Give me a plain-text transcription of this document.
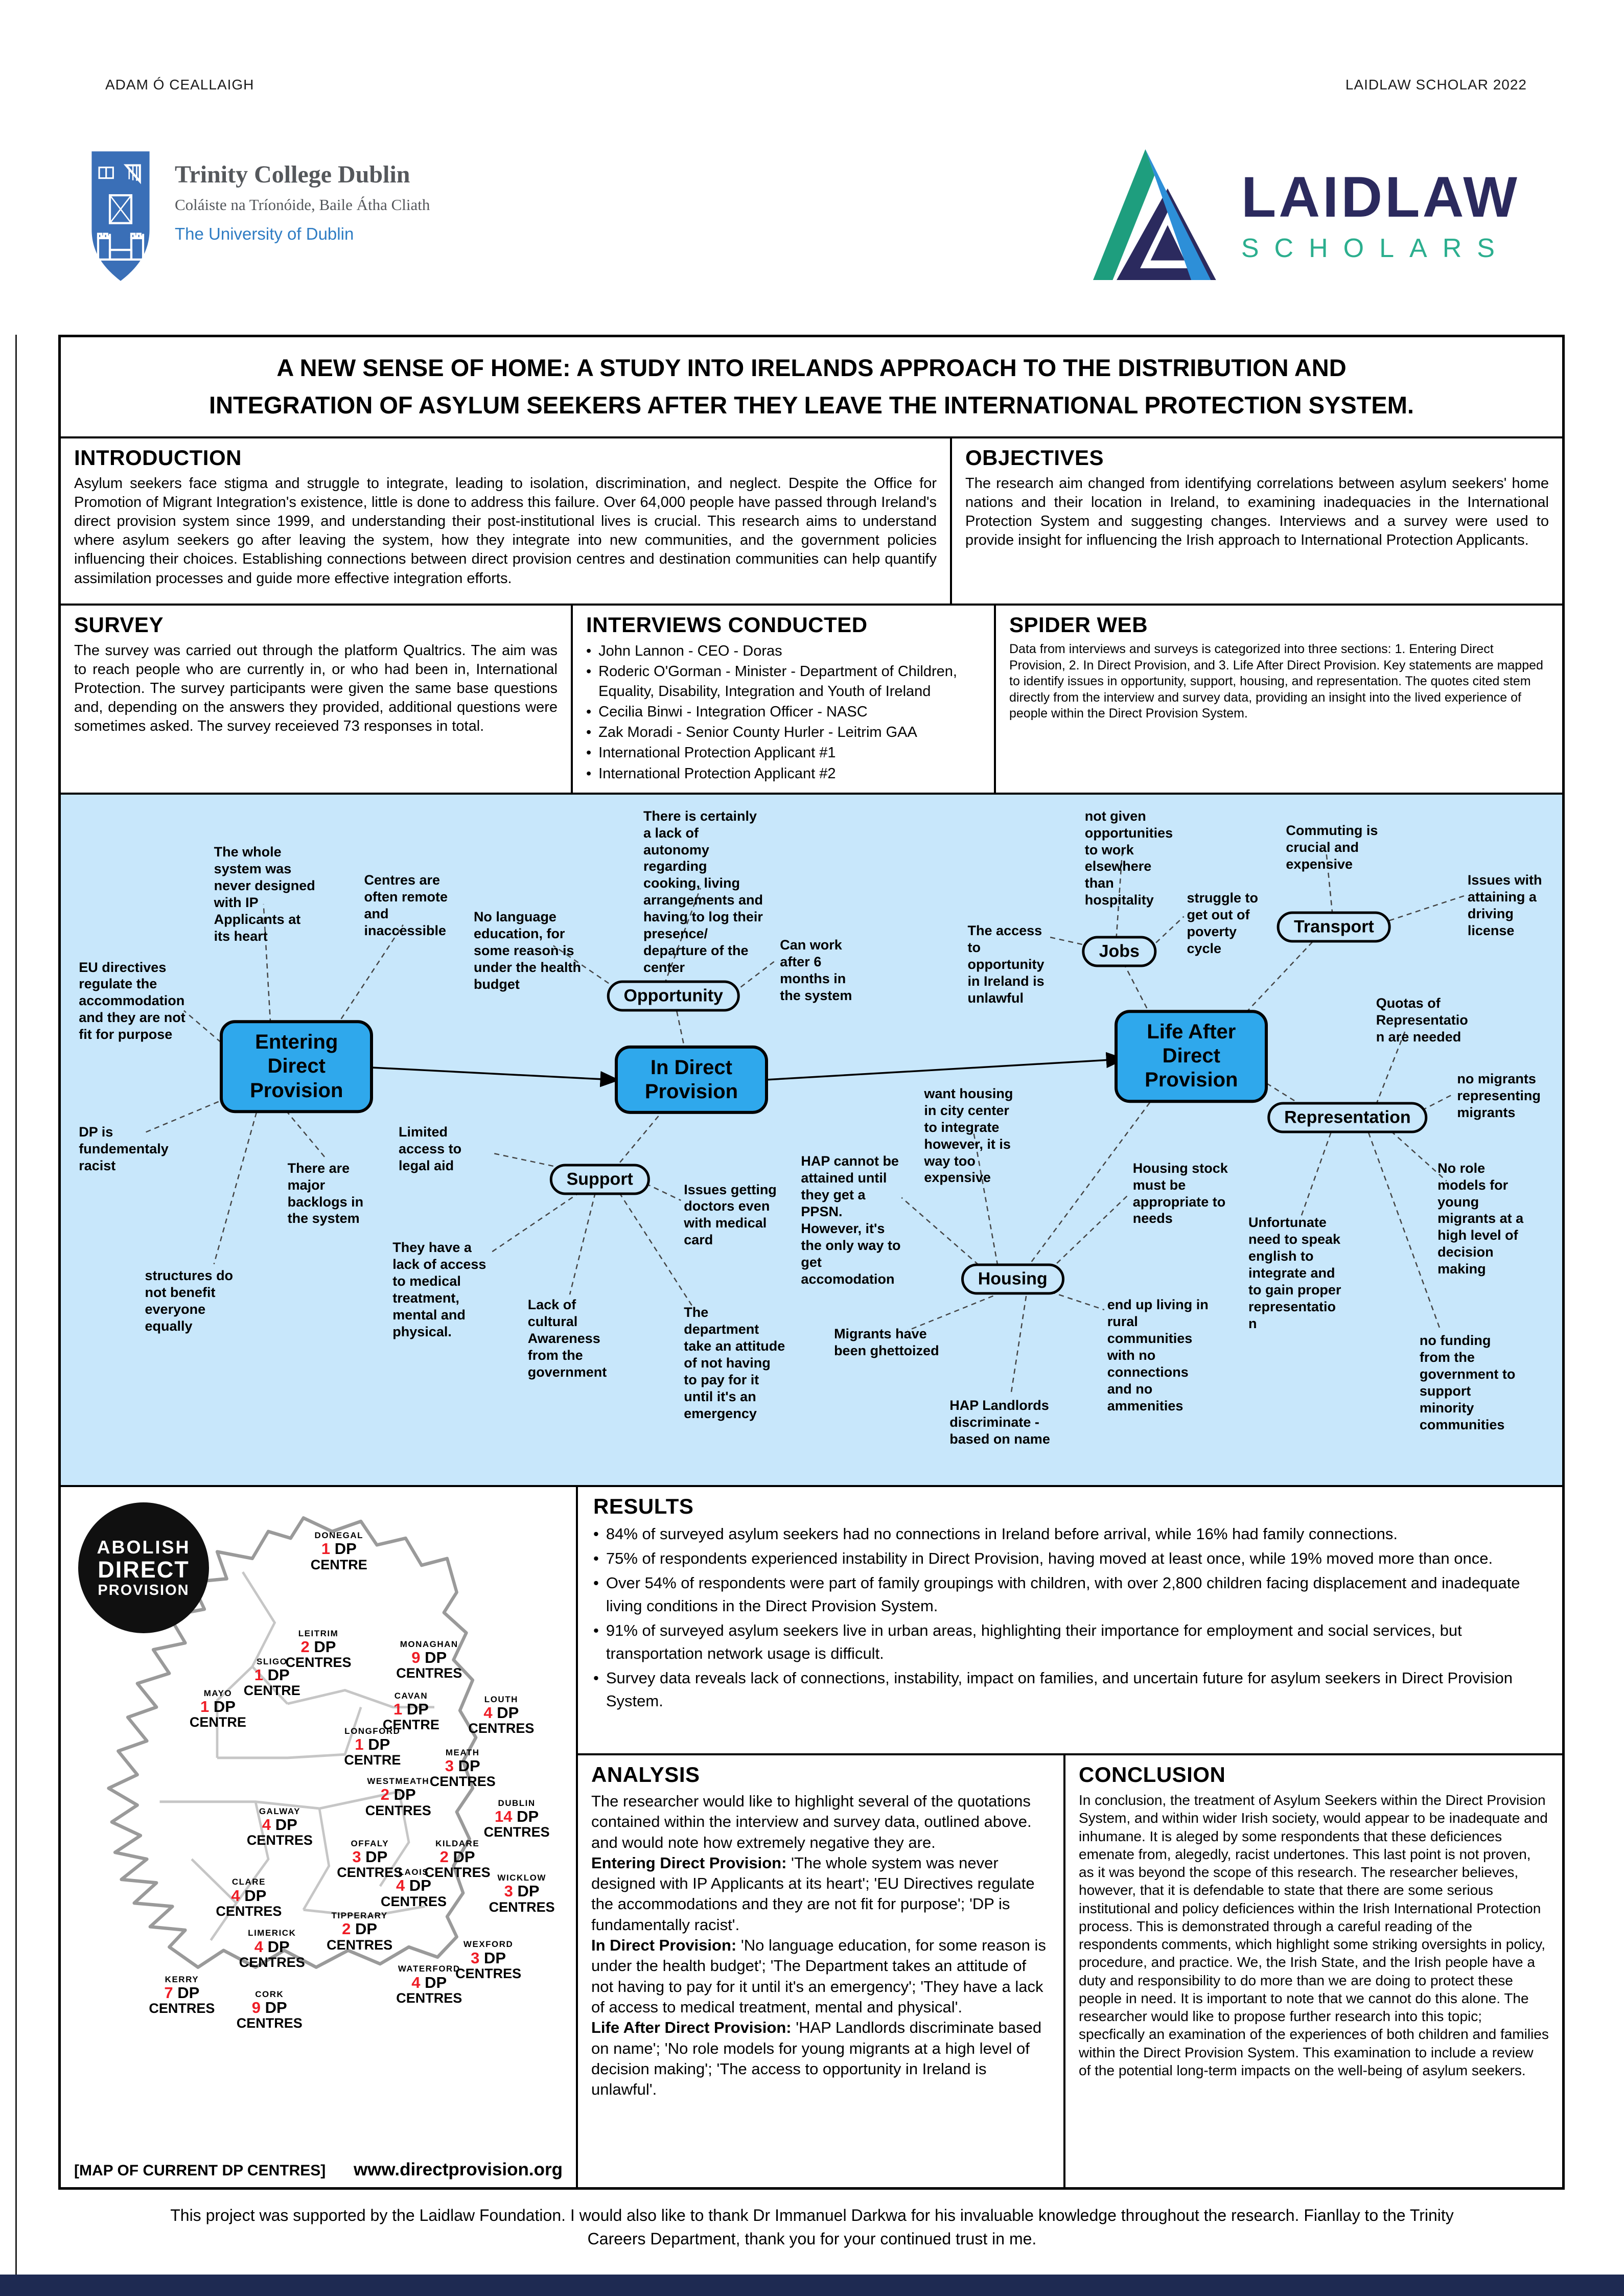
ADAM Ó CEALLAIGH	LAIDLAW SCHOLAR 2022
Trinity College Dublin
Coláiste na Tríonóide, Baile Átha Cliath
The University of Dublin
LAIDLAW
SCHOLARS
A NEW SENSE OF HOME: A STUDY INTO IRELANDS APPROACH TO THE DISTRIBUTION AND
INTEGRATION OF ASYLUM SEEKERS AFTER THEY LEAVE THE INTERNATIONAL PROTECTION SYSTEM.
INTRODUCTION
Asylum seekers face stigma and struggle to integrate, leading to isolation, discrimination, and neglect. Despite the Office for Promotion of Migrant Integration's existence, little is done to address this failure. Over 64,000 people have passed through Ireland's direct provision system since 1999, and understanding their post-institutional lives is crucial. This research aims to understand where asylum seekers go after leaving the system, how they integrate into new communities, and the government policies influencing their choices. Establishing connections between direct provision centres and destination communities can help quantify assimilation processes and guide more effective integration efforts.
OBJECTIVES
The research aim changed from identifying correlations between asylum seekers' home nations and their location in Ireland, to examining inadequacies in the International Protection System and suggesting changes. Interviews and a survey were used to provide insight for influencing the Irish approach to International Protection Applicants.
SURVEY
The survey was carried out through the platform Qualtrics. The aim was to reach people who are currently in, or who had been in, International Protection. The survey participants were given the same base questions and, depending on the answers they provided, additional questions were sometimes asked. The survey receieved 73 responses in total.
INTERVIEWS CONDUCTED
• John Lannon - CEO - Doras
• Roderic O'Gorman - Minister - Department of Children, Equality, Disability, Integration and Youth of Ireland
• Cecilia Binwi - Integration Officer - NASC
• Zak Moradi - Senior County Hurler - Leitrim GAA
• International Protection Applicant #1
• International Protection Applicant #2
SPIDER WEB
Data from interviews and surveys is categorized into three sections: 1. Entering Direct Provision, 2. In Direct Provision, and 3. Life After Direct Provision. Key statements are mapped to identify issues in opportunity, support, housing, and representation. The quotes cited stem directly from the interview and survey data, providing an insight into the lived experience of people within the Direct Provision System.
Entering Direct Provision
In Direct Provision
Life After Direct Provision
Opportunity
Support
Jobs
Transport
Housing
Representation
The whole system was never designed with IP Applicants at its heart
Centres are often remote and inaccessible
No language education, for some reason is under the health budget
EU directives regulate the accommodation and they are not fit for purpose
DP is fundementaly racist	There are major backlogs in the system
structures do not benefit everyone equally
There is certainly a lack of autonomy regarding cooking, living arrangements and having to log their presence/ departure of the center
Can work after 6 months in the system
The access to opportunity in Ireland is unlawful
Limited access to legal aid
Issues getting doctors even with medical card
They have a lack of access to medical treatment, mental and physical.
Lack of cultural Awareness from the government
The department take an attitude of not having to pay for it until it's an emergency
want housing in city center to integrate however, it is way too expensive
HAP cannot be attained until they get a PPSN. However, it's the only way to get accomodation
Migrants have been ghettoized
HAP Landlords discriminate - based on name
Housing stock must be appropriate to needs
end up living in rural communities with no connections and no ammenities
not given opportunities to work elsewhere than hospitality	struggle to get out of poverty cycle
Commuting is crucial and expensive
Issues with attaining a driving license
Quotas of Representation are needed
no migrants representing migrants
No role models for young migrants at a high level of decision making
Unfortunate need to speak english to integrate and to gain proper representation
no funding from the government to support minority communities
ABOLISH
DIRECT
PROVISION
DONEGAL
1 DP
CENTRE
LEITRIM
2 DP
CENTRES
MONAGHAN
9 DP
CENTRES
SLIGO
1 DP
CENTRE
MAYO
1 DP
CENTRE
CAVAN
1 DP
CENTRE
LOUTH
4 DP
CENTRES
LONGFORD
1 DP
CENTRE	MEATH
3 DP
CENTRES
WESTMEATH
2 DP
CENTRES	DUBLIN
14 DP
CENTRES
GALWAY
4 DP
CENTRES	OFFALY
3 DP
CENTRES
KILDARE
2 DP
CENTRES
LAOIS
4 DP
CENTRES
WICKLOW
3 DP
CENTRES
CLARE
4 DP
CENTRES	TIPPERARY
2 DP
CENTRES
LIMERICK
4 DP
CENTRES
WEXFORD
3 DP
CENTRES
WATERFORD
4 DP
CENTRES
KERRY
7 DP
CENTRES
CORK
9 DP
CENTRES
[MAP OF CURRENT DP CENTRES] www.directprovision.org
RESULTS
• 84% of surveyed asylum seekers had no connections in Ireland before arrival, while 16% had family connections.
• 75% of respondents experienced instability in Direct Provision, having moved at least once, while 19% moved more than once.
• Over 54% of respondents were part of family groupings with children, with over 2,800 children facing displacement and inadequate living conditions in the Direct Provision System.
• 91% of surveyed asylum seekers live in urban areas, highlighting their importance for employment and social services, but transportation network usage is difficult.
• Survey data reveals lack of connections, instability, impact on families, and uncertain future for asylum seekers in Direct Provision System.
ANALYSIS
The researcher would like to highlight several of the quotations contained within the interview and survey data, outlined above. and would note how extremely negative they are.

Entering Direct Provision: 'The whole system was never designed with IP Applicants at its heart'; 'EU Directives regulate the accommodations and they are not fit for purpose'; 'DP is fundamentally racist'.

In Direct Provision: 'No language education, for some reason is under the health budget'; 'The Department takes an attitude of not having to pay for it until it's an emergency'; 'They have a lack of access to medical treatment, mental and physical'.

Life After Direct Provision: 'HAP Landlords discriminate based on name'; 'No role models for young migrants at a high level of decision making'; 'The access to opportunity in Ireland is unlawful'.

CONCLUSION
In conclusion, the treatment of Asylum Seekers within the Direct Provision System, and within wider Irish society, would appear to be inadequate and inhumane. It is aleged by some respondents that these deficiences emenate from, alegedly, racist undertones. This last point is not proven, as it was beyond the scope of this research. The researcher believes, however, that it is defendable to state that there are some serious institutional and policy deficiences within the Irish International Protection process. This is demonstrated through a careful reading of the respondents comments, which highlight some striking oversights in policy, procedure, and practice. We, the Irish State, and the Irish people have a duty and responsibility to do more than we are doing to protect these people in need. It is important to note that we cannot do this alone. The researcher would like to propose further research into this topic; specfically an examination of the experiences of both children and families within the Direct Provision System. This examination to include a review of the potential long-term impacts on the well-being of asylum seekers.
This project was supported by the Laidlaw Foundation. I would also like to thank Dr Immanuel Darkwa for his invaluable knowledge throughout the research. Fianllay to the Trinity Careers Department, thank you for your continued trust in me.
